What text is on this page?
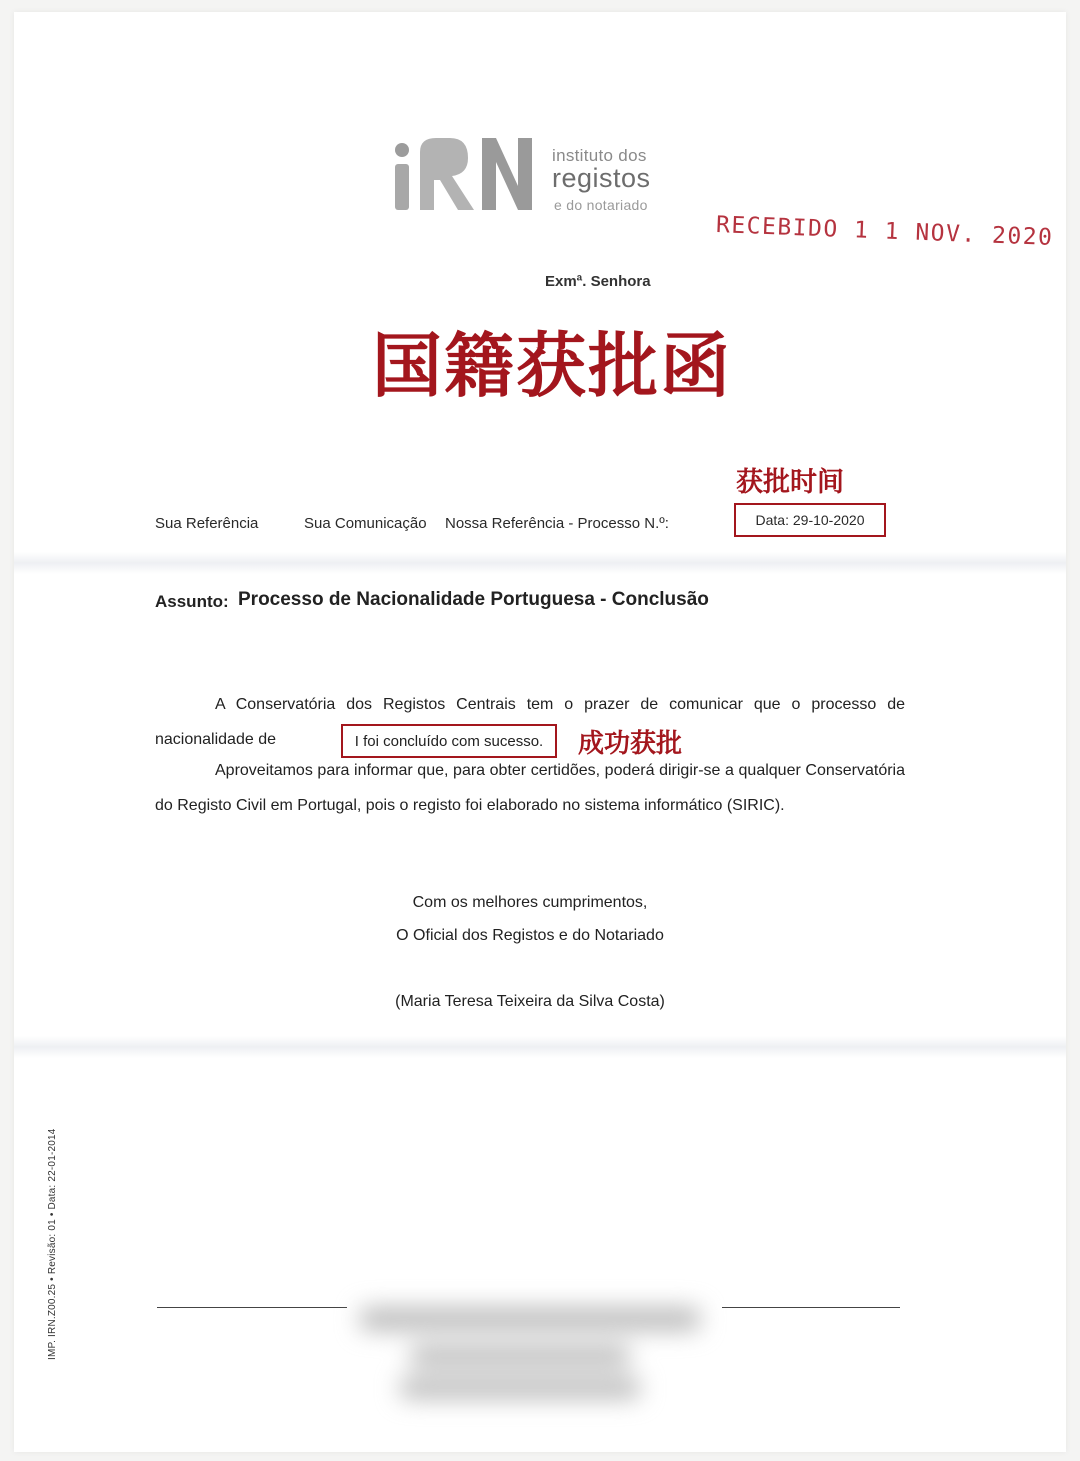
instituto dos
registos
e do notariado
RECEBIDO 1 1 NOV. 2020
Exmª. Senhora
国籍获批函
获批时间
Sua Referência	Sua Comunicação Nossa Referência - Processo N.º:	Data: 29-10-2020
Assunto: Processo de Nacionalidade Portuguesa - Conclusão
A Conservatória dos Registos Centrais tem o prazer de comunicar que o processo de
nacionalidade de	I foi concluído com sucesso. 成功获批
Aproveitamos para informar que, para obter certidões, poderá dirigir-se a qualquer Conservatória
do Registo Civil em Portugal, pois o registo foi elaborado no sistema informático (SIRIC).
Com os melhores cumprimentos,
O Oficial dos Registos e do Notariado
(Maria Teresa Teixeira da Silva Costa)
IMP. IRN.Z00.25 • Revisão: 01 • Data: 22-01-2014
